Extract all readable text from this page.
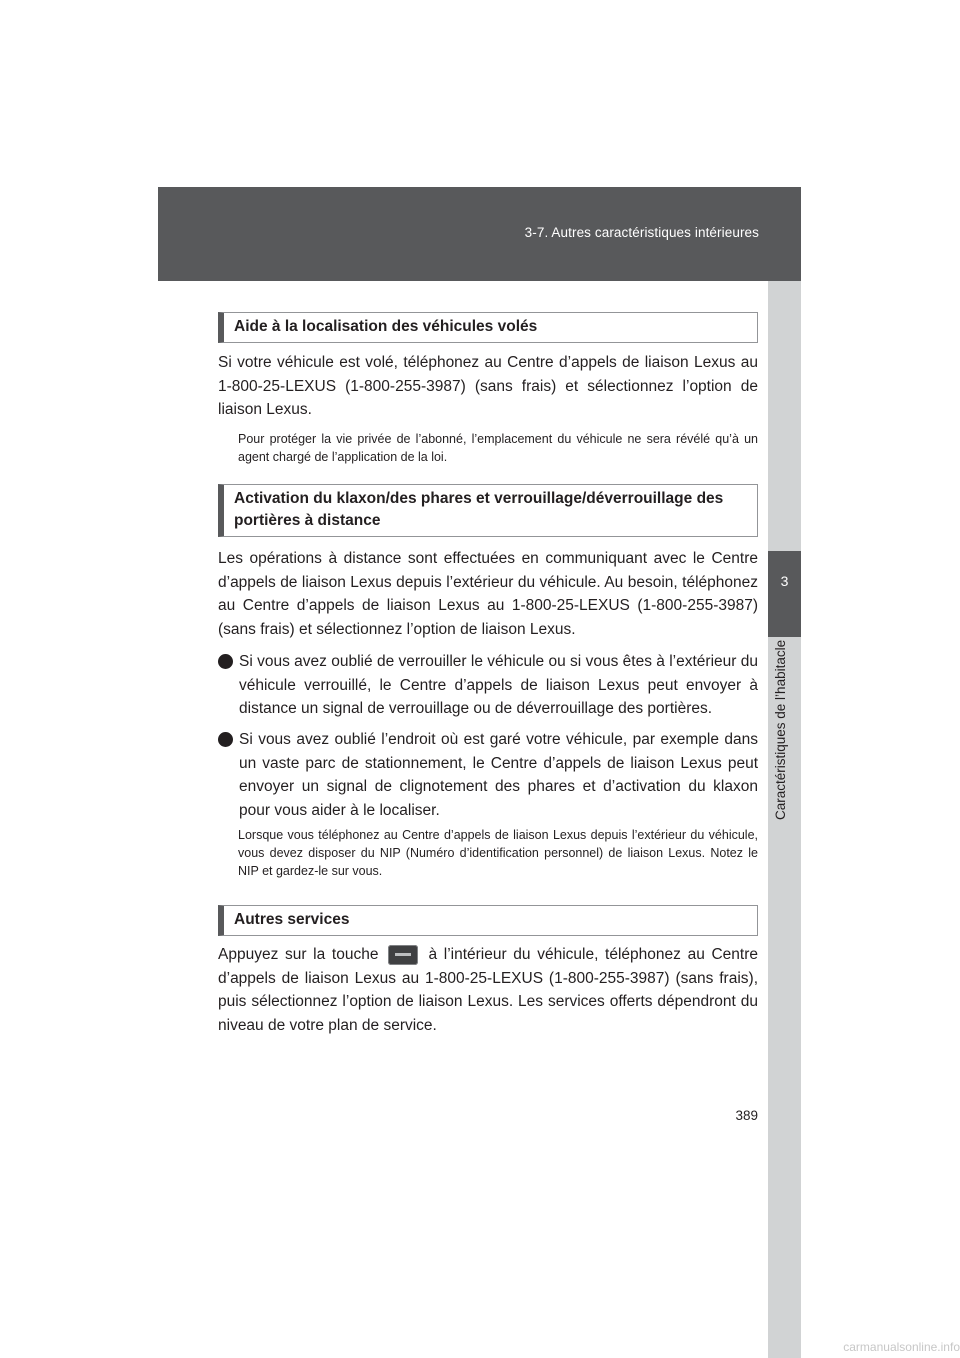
3-7. Autres caractéristiques intérieures
3
Caractéristiques de l’habitacle
Aide à la localisation des véhicules volés

Si votre véhicule est volé, téléphonez au Centre d’appels de liaison Lexus au 1-800-25-LEXUS (1-800-255-3987) (sans frais) et sélectionnez l’option de liaison Lexus.

Pour protéger la vie privée de l’abonné, l’emplacement du véhicule ne sera révélé qu’à un agent chargé de l’application de la loi.

Activation du klaxon/des phares et verrouillage/déverrouillage des portières à distance

Les opérations à distance sont effectuées en communiquant avec le Centre d’appels de liaison Lexus depuis l’extérieur du véhicule. Au besoin, téléphonez au Centre d’appels de liaison Lexus au 1-800-25-LEXUS (1-800-255-3987) (sans frais) et sélectionnez l’option de liaison Lexus.

Si vous avez oublié de verrouiller le véhicule ou si vous êtes à l’extérieur du véhicule verrouillé, le Centre d’appels de liaison Lexus peut envoyer à distance un signal de verrouillage ou de déverrouillage des portières.
Si vous avez oublié l’endroit où est garé votre véhicule, par exemple dans un vaste parc de stationnement, le Centre d’appels de liaison Lexus peut envoyer un signal de clignotement des phares et d’activation du klaxon pour vous aider à le localiser.

Lorsque vous téléphonez au Centre d’appels de liaison Lexus depuis l’extérieur du véhicule, vous devez disposer du NIP (Numéro d’identification personnel) de liaison Lexus. Notez le NIP et gardez-le sur vous.

Autres services

Appuyez sur la touche	à l’intérieur du véhicule, téléphonez au Centre d’appels de liaison Lexus au 1-800-25-LEXUS (1-800-255-3987) (sans frais), puis sélectionnez l’option de liaison Lexus. Les services offerts dépendront du niveau de votre plan de service.

389
carmanualsonline.info
